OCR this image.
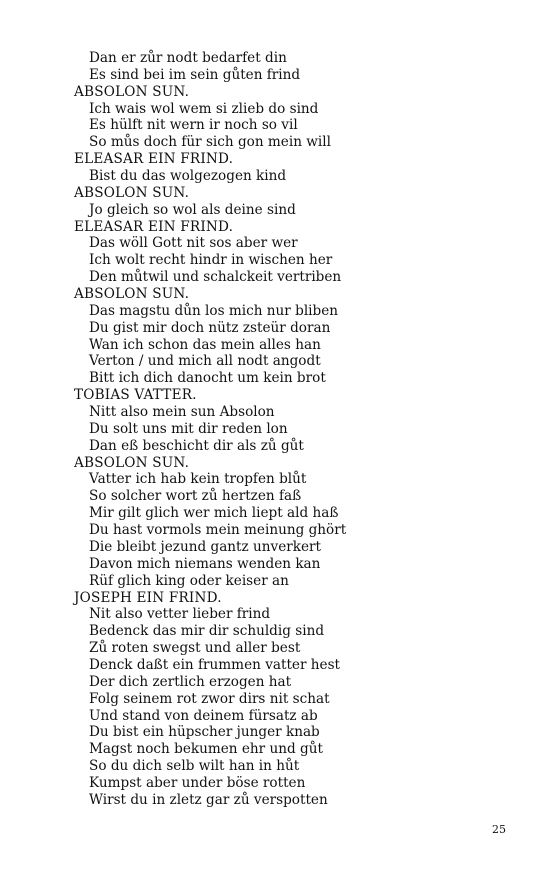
Dan er zůr nodt bedarfet din
Es sind bei im sein gůten frind
ABSOLON SUN.
Ich wais wol wem si zlieb do sind
Es hülft nit wern ir noch so vil
So můs doch für sich gon mein will
ELEASAR EIN FRIND.
Bist du das wolgezogen kind
ABSOLON SUN.
Jo gleich so wol als deine sind
ELEASAR EIN FRIND.
Das wöll Gott nit sos aber wer
Ich wolt recht hindr in wischen her
Den můtwil und schalckeit vertriben
ABSOLON SUN.
Das magstu důn los mich nur bliben
Du gist mir doch nütz zsteür doran
Wan ich schon das mein alles han
Verton / und mich all nodt angodt
Bitt ich dich danocht um kein brot
TOBIAS VATTER.
Nitt also mein sun Absolon
Du solt uns mit dir reden lon
Dan eß beschicht dir als zů gůt
ABSOLON SUN.
Vatter ich hab kein tropfen blůt
So solcher wort zů hertzen faß
Mir gilt glich wer mich liept ald haß
Du hast vormols mein meinung ghört
Die bleibt jezund gantz unverkert
Davon mich niemans wenden kan
Rüf glich king oder keiser an
JOSEPH EIN FRIND.
Nit also vetter lieber frind
Bedenck das mir dir schuldig sind
Zů roten swegst und aller best
Denck daßt ein frummen vatter hest
Der dich zertlich erzogen hat
Folg seinem rot zwor dirs nit schat
Und stand von deinem fürsatz ab
Du bist ein hüpscher junger knab
Magst noch bekumen ehr und gůt
So du dich selb wilt han in hůt
Kumpst aber under böse rotten
Wirst du in zletz gar zů verspotten
25
